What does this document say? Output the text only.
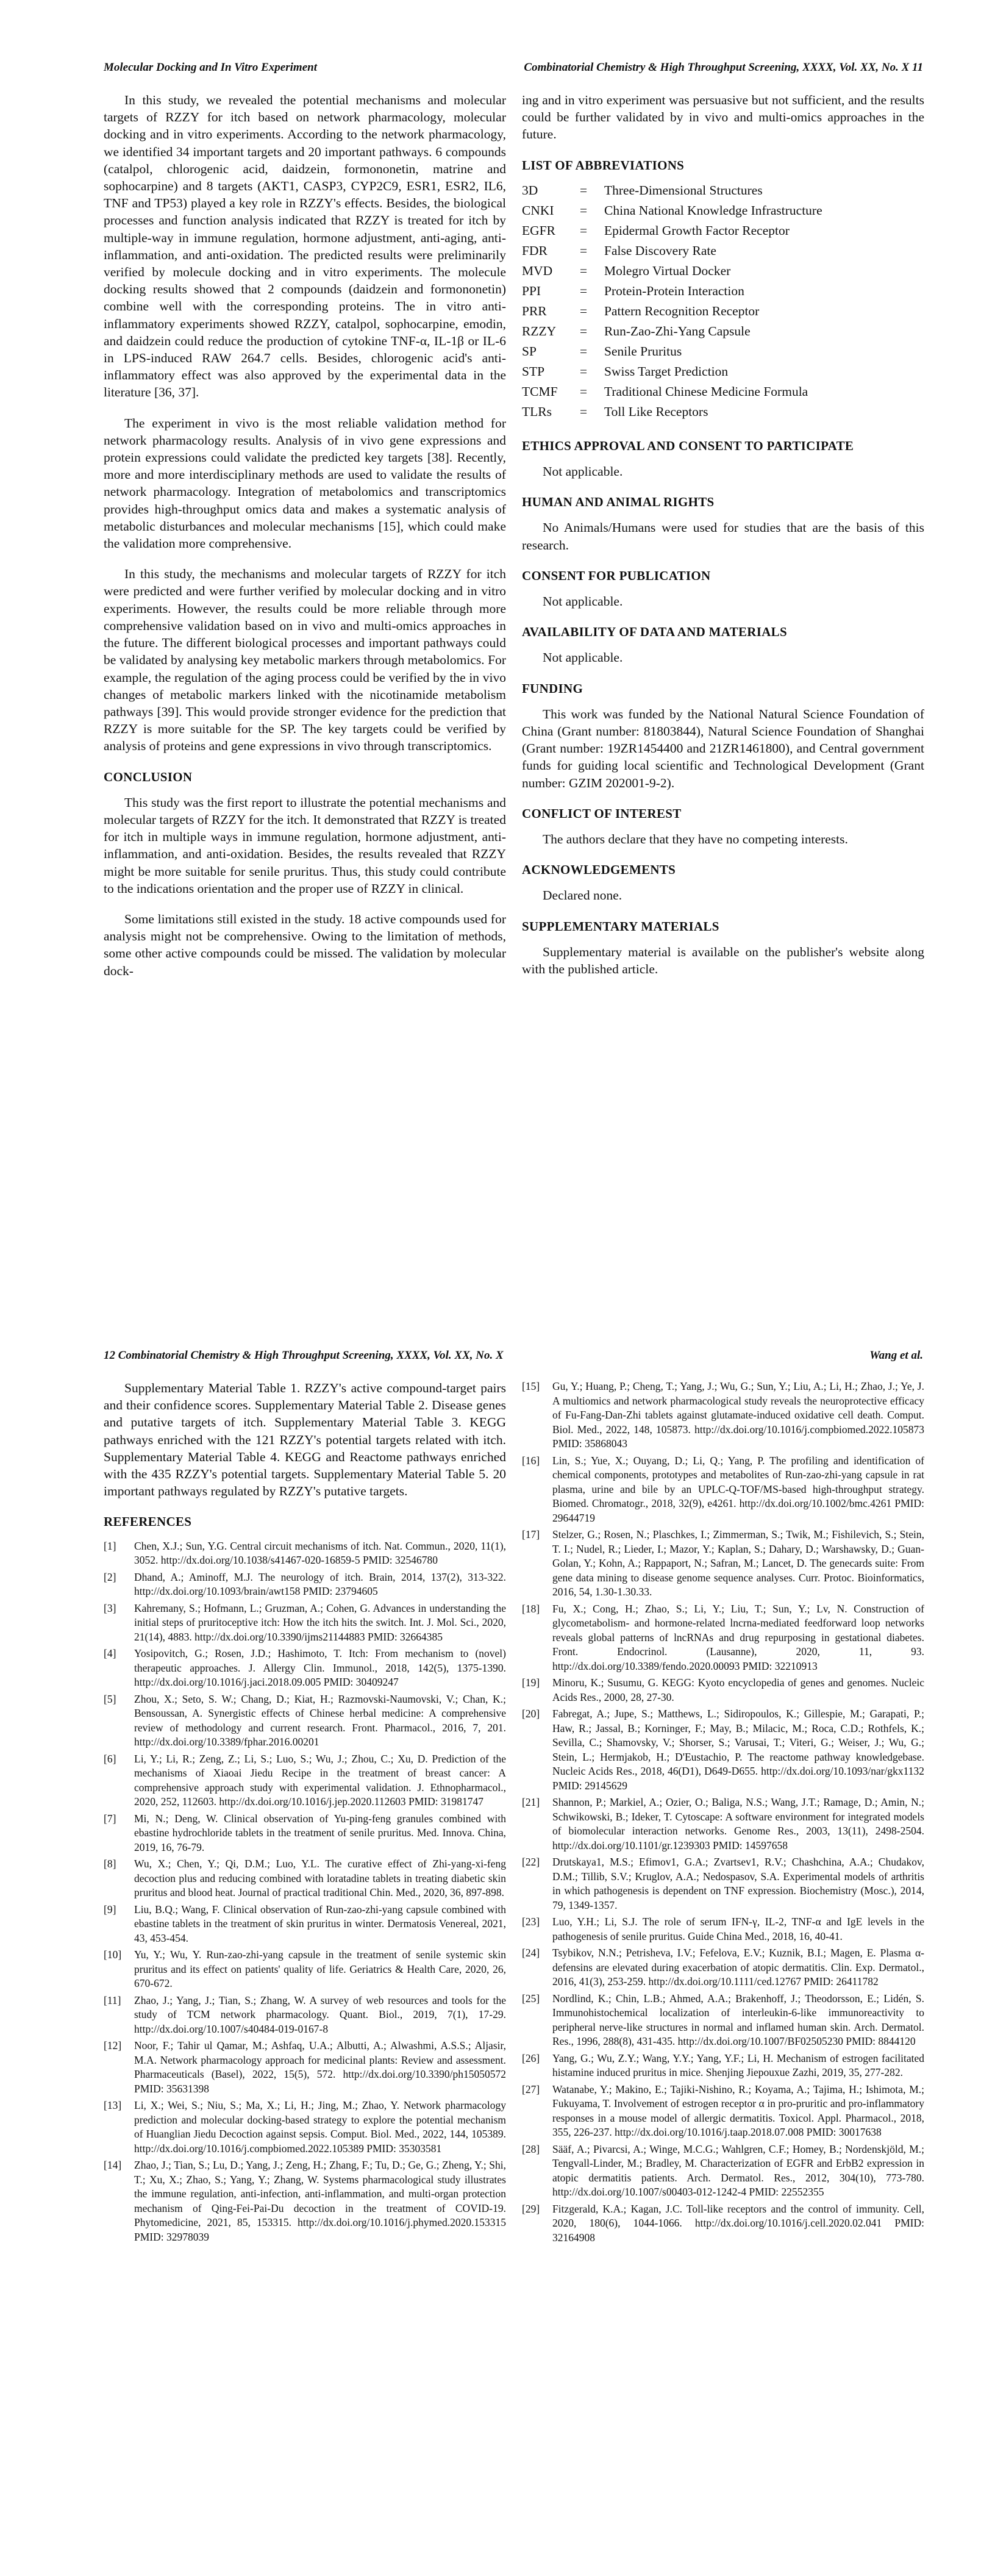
Molecular Docking and In Vitro Experiment	Combinatorial Chemistry & High Throughput Screening, XXXX, Vol. XX, No. X 11

In this study, we revealed the potential mechanisms and molecular targets of RZZY for itch based on network pharmacology, molecular docking and in vitro experiments. According to the network pharmacology, we identified 34 important targets and 20 important pathways. 6 compounds (catalpol, chlorogenic acid, daidzein, formononetin, matrine and sophocarpine) and 8 targets (AKT1, CASP3, CYP2C9, ESR1, ESR2, IL6, TNF and TP53) played a key role in RZZY's effects. Besides, the biological processes and function analysis indicated that RZZY is treated for itch by multiple-way in immune regulation, hormone adjustment, anti-aging, anti-inflammation, and anti-oxidation. The predicted results were preliminarily verified by molecule docking and in vitro experiments. The molecule docking results showed that 2 compounds (daidzein and formononetin) combine well with the corresponding proteins. The in vitro anti-inflammatory experiments showed RZZY, catalpol, sophocarpine, emodin, and daidzein could reduce the production of cytokine TNF-α, IL-1β or IL-6 in LPS-induced RAW 264.7 cells. Besides, chlorogenic acid's anti-inflammatory effect was also approved by the experimental data in the literature [36, 37].

The experiment in vivo is the most reliable validation method for network pharmacology results. Analysis of in vivo gene expressions and protein expressions could validate the predicted key targets [38]. Recently, more and more interdisciplinary methods are used to validate the results of network pharmacology. Integration of metabolomics and transcriptomics provides high-throughput omics data and makes a systematic analysis of metabolic disturbances and molecular mechanisms [15], which could make the validation more comprehensive.

In this study, the mechanisms and molecular targets of RZZY for itch were predicted and were further verified by molecular docking and in vitro experiments. However, the results could be more reliable through more comprehensive validation based on in vivo and multi-omics approaches in the future. The different biological processes and important pathways could be validated by analysing key metabolic markers through metabolomics. For example, the regulation of the aging process could be verified by the in vivo changes of metabolic markers linked with the nicotinamide metabolism pathways [39]. This would provide stronger evidence for the prediction that RZZY is more suitable for the SP. The key targets could be verified by analysis of proteins and gene expressions in vivo through transcriptomics.

CONCLUSION

This study was the first report to illustrate the potential mechanisms and molecular targets of RZZY for the itch. It demonstrated that RZZY is treated for itch in multiple ways in immune regulation, hormone adjustment, anti-inflammation, and anti-oxidation. Besides, the results revealed that RZZY might be more suitable for senile pruritus. Thus, this study could contribute to the indications orientation and the proper use of RZZY in clinical.

Some limitations still existed in the study. 18 active compounds used for analysis might not be comprehensive. Owing to the limitation of methods, some other active compounds could be missed. The validation by molecular dock-

ing and in vitro experiment was persuasive but not sufficient, and the results could be further validated by in vivo and multi-omics approaches in the future.

LIST OF ABBREVIATIONS
3D	=	Three-Dimensional Structures
CNKI	=	China National Knowledge Infrastructure
EGFR	=	Epidermal Growth Factor Receptor
FDR	=	False Discovery Rate
MVD	=	Molegro Virtual Docker
PPI	=	Protein-Protein Interaction
PRR	=	Pattern Recognition Receptor
RZZY	=	Run-Zao-Zhi-Yang Capsule
SP	=	Senile Pruritus
STP	=	Swiss Target Prediction
TCMF	=	Traditional Chinese Medicine Formula
TLRs	=	Toll Like Receptors
ETHICS APPROVAL AND CONSENT TO PARTICIPATE

Not applicable.

HUMAN AND ANIMAL RIGHTS

No Animals/Humans were used for studies that are the basis of this research.

CONSENT FOR PUBLICATION

Not applicable.

AVAILABILITY OF DATA AND MATERIALS

Not applicable.

FUNDING

This work was funded by the National Natural Science Foundation of China (Grant number: 81803844), Natural Science Foundation of Shanghai (Grant number: 19ZR1454400 and 21ZR1461800), and Central government funds for guiding local scientific and Technological Development (Grant number: GZIM 202001-9-2).

CONFLICT OF INTEREST

The authors declare that they have no competing interests.

ACKNOWLEDGEMENTS

Declared none.

SUPPLEMENTARY MATERIALS

Supplementary material is available on the publisher's website along with the published article.

12 Combinatorial Chemistry & High Throughput Screening, XXXX, Vol. XX, No. X	Wang et al.

Supplementary Material Table 1. RZZY's active compound-target pairs and their confidence scores. Supplementary Material Table 2. Disease genes and putative targets of itch. Supplementary Material Table 3. KEGG pathways enriched with the 121 RZZY's potential targets related with itch. Supplementary Material Table 4. KEGG and Reactome pathways enriched with the 435 RZZY's potential targets. Supplementary Material Table 5. 20 important pathways regulated by RZZY's putative targets.

REFERENCES
[1]	Chen, X.J.; Sun, Y.G. Central circuit mechanisms of itch. Nat. Commun., 2020, 11(1), 3052. http://dx.doi.org/10.1038/s41467-020-16859-5 PMID: 32546780
[2]	Dhand, A.; Aminoff, M.J. The neurology of itch. Brain, 2014, 137(2), 313-322. http://dx.doi.org/10.1093/brain/awt158 PMID: 23794605
[3]	Kahremany, S.; Hofmann, L.; Gruzman, A.; Cohen, G. Advances in understanding the initial steps of pruritoceptive itch: How the itch hits the switch. Int. J. Mol. Sci., 2020, 21(14), 4883. http://dx.doi.org/10.3390/ijms21144883 PMID: 32664385
[4]	Yosipovitch, G.; Rosen, J.D.; Hashimoto, T. Itch: From mechanism to (novel) therapeutic approaches. J. Allergy Clin. Immunol., 2018, 142(5), 1375-1390. http://dx.doi.org/10.1016/j.jaci.2018.09.005 PMID: 30409247
[5]	Zhou, X.; Seto, S. W.; Chang, D.; Kiat, H.; Razmovski-Naumovski, V.; Chan, K.; Bensoussan, A. Synergistic effects of Chinese herbal medicine: A comprehensive review of methodology and current research. Front. Pharmacol., 2016, 7, 201. http://dx.doi.org/10.3389/fphar.2016.00201
[6]	Li, Y.; Li, R.; Zeng, Z.; Li, S.; Luo, S.; Wu, J.; Zhou, C.; Xu, D. Prediction of the mechanisms of Xiaoai Jiedu Recipe in the treatment of breast cancer: A comprehensive approach study with experimental validation. J. Ethnopharmacol., 2020, 252, 112603. http://dx.doi.org/10.1016/j.jep.2020.112603 PMID: 31981747
[7]	Mi, N.; Deng, W. Clinical observation of Yu-ping-feng granules combined with ebastine hydrochloride tablets in the treatment of senile pruritus. Med. Innova. China, 2019, 16, 76-79.
[8]	Wu, X.; Chen, Y.; Qi, D.M.; Luo, Y.L. The curative effect of Zhi-yang-xi-feng decoction plus and reducing combined with loratadine tablets in treating diabetic skin pruritus and blood heat. Journal of practical traditional Chin. Med., 2020, 36, 897-898.
[9]	Liu, B.Q.; Wang, F. Clinical observation of Run-zao-zhi-yang capsule combined with ebastine tablets in the treatment of skin pruritus in winter. Dermatosis Venereal, 2021, 43, 453-454.
[10]	Yu, Y.; Wu, Y. Run-zao-zhi-yang capsule in the treatment of senile systemic skin pruritus and its effect on patients' quality of life. Geriatrics & Health Care, 2020, 26, 670-672.
[11]	Zhao, J.; Yang, J.; Tian, S.; Zhang, W. A survey of web resources and tools for the study of TCM network pharmacology. Quant. Biol., 2019, 7(1), 17-29. http://dx.doi.org/10.1007/s40484-019-0167-8
[12]	Noor, F.; Tahir ul Qamar, M.; Ashfaq, U.A.; Albutti, A.; Alwashmi, A.S.S.; Aljasir, M.A. Network pharmacology approach for medicinal plants: Review and assessment. Pharmaceuticals (Basel), 2022, 15(5), 572. http://dx.doi.org/10.3390/ph15050572 PMID: 35631398
[13]	Li, X.; Wei, S.; Niu, S.; Ma, X.; Li, H.; Jing, M.; Zhao, Y. Network pharmacology prediction and molecular docking-based strategy to explore the potential mechanism of Huanglian Jiedu Decoction against sepsis. Comput. Biol. Med., 2022, 144, 105389. http://dx.doi.org/10.1016/j.compbiomed.2022.105389 PMID: 35303581
[14]	Zhao, J.; Tian, S.; Lu, D.; Yang, J.; Zeng, H.; Zhang, F.; Tu, D.; Ge, G.; Zheng, Y.; Shi, T.; Xu, X.; Zhao, S.; Yang, Y.; Zhang, W. Systems pharmacological study illustrates the immune regulation, anti-infection, anti-inflammation, and multi-organ protection mechanism of Qing-Fei-Pai-Du decoction in the treatment of COVID-19. Phytomedicine, 2021, 85, 153315. http://dx.doi.org/10.1016/j.phymed.2020.153315 PMID: 32978039
[15]	Gu, Y.; Huang, P.; Cheng, T.; Yang, J.; Wu, G.; Sun, Y.; Liu, A.; Li, H.; Zhao, J.; Ye, J. A multiomics and network pharmacological study reveals the neuroprotective efficacy of Fu-Fang-Dan-Zhi tablets against glutamate-induced oxidative cell death. Comput. Biol. Med., 2022, 148, 105873. http://dx.doi.org/10.1016/j.compbiomed.2022.105873 PMID: 35868043
[16]	Lin, S.; Yue, X.; Ouyang, D.; Li, Q.; Yang, P. The profiling and identification of chemical components, prototypes and metabolites of Run-zao-zhi-yang capsule in rat plasma, urine and bile by an UPLC-Q-TOF/MS-based high-throughput strategy. Biomed. Chromatogr., 2018, 32(9), e4261. http://dx.doi.org/10.1002/bmc.4261 PMID: 29644719
[17]	Stelzer, G.; Rosen, N.; Plaschkes, I.; Zimmerman, S.; Twik, M.; Fishilevich, S.; Stein, T. I.; Nudel, R.; Lieder, I.; Mazor, Y.; Kaplan, S.; Dahary, D.; Warshawsky, D.; Guan-Golan, Y.; Kohn, A.; Rappaport, N.; Safran, M.; Lancet, D. The genecards suite: From gene data mining to disease genome sequence analyses. Curr. Protoc. Bioinformatics, 2016, 54, 1.30-1.30.33.
[18]	Fu, X.; Cong, H.; Zhao, S.; Li, Y.; Liu, T.; Sun, Y.; Lv, N. Construction of glycometabolism- and hormone-related lncrna-mediated feedforward loop networks reveals global patterns of lncRNAs and drug repurposing in gestational diabetes. Front. Endocrinol. (Lausanne), 2020, 11, 93. http://dx.doi.org/10.3389/fendo.2020.00093 PMID: 32210913
[19]	Minoru, K.; Susumu, G. KEGG: Kyoto encyclopedia of genes and genomes. Nucleic Acids Res., 2000, 28, 27-30.
[20]	Fabregat, A.; Jupe, S.; Matthews, L.; Sidiropoulos, K.; Gillespie, M.; Garapati, P.; Haw, R.; Jassal, B.; Korninger, F.; May, B.; Milacic, M.; Roca, C.D.; Rothfels, K.; Sevilla, C.; Shamovsky, V.; Shorser, S.; Varusai, T.; Viteri, G.; Weiser, J.; Wu, G.; Stein, L.; Hermjakob, H.; D'Eustachio, P. The reactome pathway knowledgebase. Nucleic Acids Res., 2018, 46(D1), D649-D655. http://dx.doi.org/10.1093/nar/gkx1132 PMID: 29145629
[21]	Shannon, P.; Markiel, A.; Ozier, O.; Baliga, N.S.; Wang, J.T.; Ramage, D.; Amin, N.; Schwikowski, B.; Ideker, T. Cytoscape: A software environment for integrated models of biomolecular interaction networks. Genome Res., 2003, 13(11), 2498-2504. http://dx.doi.org/10.1101/gr.1239303 PMID: 14597658
[22]	Drutskaya1, M.S.; Efimov1, G.A.; Zvartsev1, R.V.; Chashchina, A.A.; Chudakov, D.M.; Tillib, S.V.; Kruglov, A.A.; Nedospasov, S.A. Experimental models of arthritis in which pathogenesis is dependent on TNF expression. Biochemistry (Mosc.), 2014, 79, 1349-1357.
[23]	Luo, Y.H.; Li, S.J. The role of serum IFN-γ, IL-2, TNF-α and IgE levels in the pathogenesis of senile pruritus. Guide China Med., 2018, 16, 40-41.
[24]	Tsybikov, N.N.; Petrisheva, I.V.; Fefelova, E.V.; Kuznik, B.I.; Magen, E. Plasma α-defensins are elevated during exacerbation of atopic dermatitis. Clin. Exp. Dermatol., 2016, 41(3), 253-259. http://dx.doi.org/10.1111/ced.12767 PMID: 26411782
[25]	Nordlind, K.; Chin, L.B.; Ahmed, A.A.; Brakenhoff, J.; Theodorsson, E.; Lidén, S. Immunohistochemical localization of interleukin-6-like immunoreactivity to peripheral nerve-like structures in normal and inflamed human skin. Arch. Dermatol. Res., 1996, 288(8), 431-435. http://dx.doi.org/10.1007/BF02505230 PMID: 8844120
[26]	Yang, G.; Wu, Z.Y.; Wang, Y.Y.; Yang, Y.F.; Li, H. Mechanism of estrogen facilitated histamine induced pruritus in mice. Shenjing Jiepouxue Zazhi, 2019, 35, 277-282.
[27]	Watanabe, Y.; Makino, E.; Tajiki-Nishino, R.; Koyama, A.; Tajima, H.; Ishimota, M.; Fukuyama, T. Involvement of estrogen receptor α in pro-pruritic and pro-inflammatory responses in a mouse model of allergic dermatitis. Toxicol. Appl. Pharmacol., 2018, 355, 226-237. http://dx.doi.org/10.1016/j.taap.2018.07.008 PMID: 30017638
[28]	Sääf, A.; Pivarcsi, A.; Winge, M.C.G.; Wahlgren, C.F.; Homey, B.; Nordenskjöld, M.; Tengvall-Linder, M.; Bradley, M. Characterization of EGFR and ErbB2 expression in atopic dermatitis patients. Arch. Dermatol. Res., 2012, 304(10), 773-780. http://dx.doi.org/10.1007/s00403-012-1242-4 PMID: 22552355
[29]	Fitzgerald, K.A.; Kagan, J.C. Toll-like receptors and the control of immunity. Cell, 2020, 180(6), 1044-1066. http://dx.doi.org/10.1016/j.cell.2020.02.041 PMID: 32164908
